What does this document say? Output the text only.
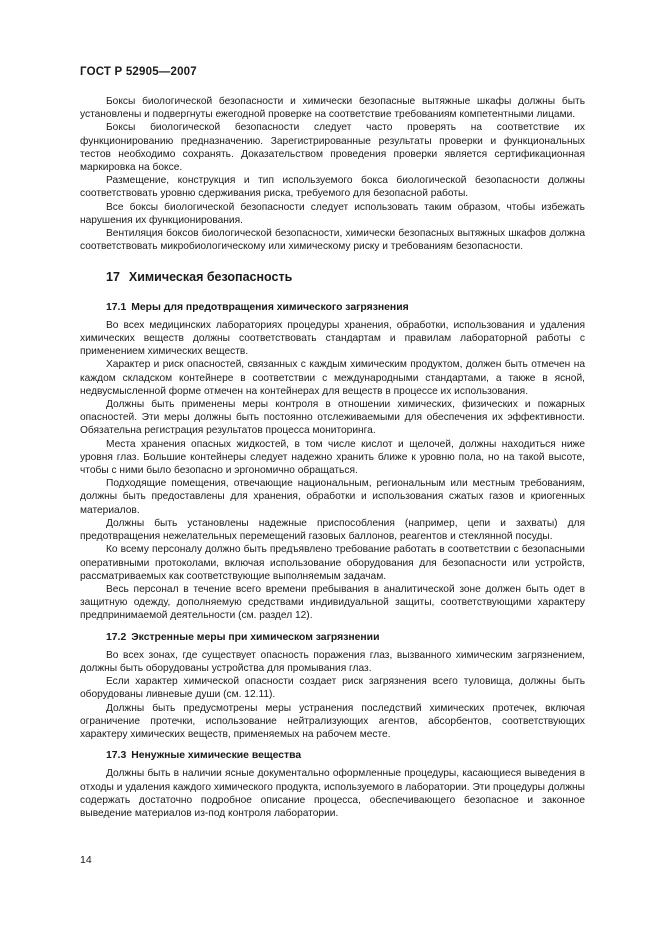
ГОСТ Р 52905—2007

Боксы биологической безопасности и химически безопасные вытяжные шкафы должны быть установлены и подвергнуты ежегодной проверке на соответствие требованиям компетентными лицами.

Боксы биологической безопасности следует часто проверять на соответствие их функционированию предназначению. Зарегистрированные результаты проверки и функциональных тестов необходимо сохранять. Доказательством проведения проверки является сертификационная маркировка на боксе.

Размещение, конструкция и тип используемого бокса биологической безопасности должны соответствовать уровню сдерживания риска, требуемого для безопасной работы.

Все боксы биологической безопасности следует использовать таким образом, чтобы избежать нарушения их функционирования.

Вентиляция боксов биологической безопасности, химически безопасных вытяжных шкафов должна соответствовать микробиологическому или химическому риску и требованиям безопасности.

17 Химическая безопасность
17.1 Меры для предотвращения химического загрязнения

Во всех медицинских лабораториях процедуры хранения, обработки, использования и удаления химических веществ должны соответствовать стандартам и правилам лабораторной работы с применением химических веществ.

Характер и риск опасностей, связанных с каждым химическим продуктом, должен быть отмечен на каждом складском контейнере в соответствии с международными стандартами, а также в ясной, недвусмысленной форме отмечен на контейнерах для веществ в процессе их использования.

Должны быть применены меры контроля в отношении химических, физических и пожарных опасностей. Эти меры должны быть постоянно отслеживаемыми для обеспечения их эффективности. Обязательна регистрация результатов процесса мониторинга.

Места хранения опасных жидкостей, в том числе кислот и щелочей, должны находиться ниже уровня глаз. Большие контейнеры следует надежно хранить ближе к уровню пола, но на такой высоте, чтобы с ними было безопасно и эргономично обращаться.

Подходящие помещения, отвечающие национальным, региональным или местным требованиям, должны быть предоставлены для хранения, обработки и использования сжатых газов и криогенных материалов.

Должны быть установлены надежные приспособления (например, цепи и захваты) для предотвращения нежелательных перемещений газовых баллонов, реагентов и стеклянной посуды.

Ко всему персоналу должно быть предъявлено требование работать в соответствии с безопасными оперативными протоколами, включая использование оборудования для безопасности или устройств, рассматриваемых как соответствующие выполняемым задачам.

Весь персонал в течение всего времени пребывания в аналитической зоне должен быть одет в защитную одежду, дополняемую средствами индивидуальной защиты, соответствующими характеру предпринимаемой деятельности (см. раздел 12).

17.2 Экстренные меры при химическом загрязнении

Во всех зонах, где существует опасность поражения глаз, вызванного химическим загрязнением, должны быть оборудованы устройства для промывания глаз.

Если характер химической опасности создает риск загрязнения всего туловища, должны быть оборудованы ливневые души (см. 12.11).

Должны быть предусмотрены меры устранения последствий химических протечек, включая ограничение протечки, использование нейтрализующих агентов, абсорбентов, соответствующих характеру химических веществ, применяемых на рабочем месте.

17.3 Ненужные химические вещества

Должны быть в наличии ясные документально оформленные процедуры, касающиеся выведения в отходы и удаления каждого химического продукта, используемого в лаборатории. Эти процедуры должны содержать достаточно подробное описание процесса, обеспечивающего безопасное и законное выведение материалов из-под контроля лаборатории.

14
